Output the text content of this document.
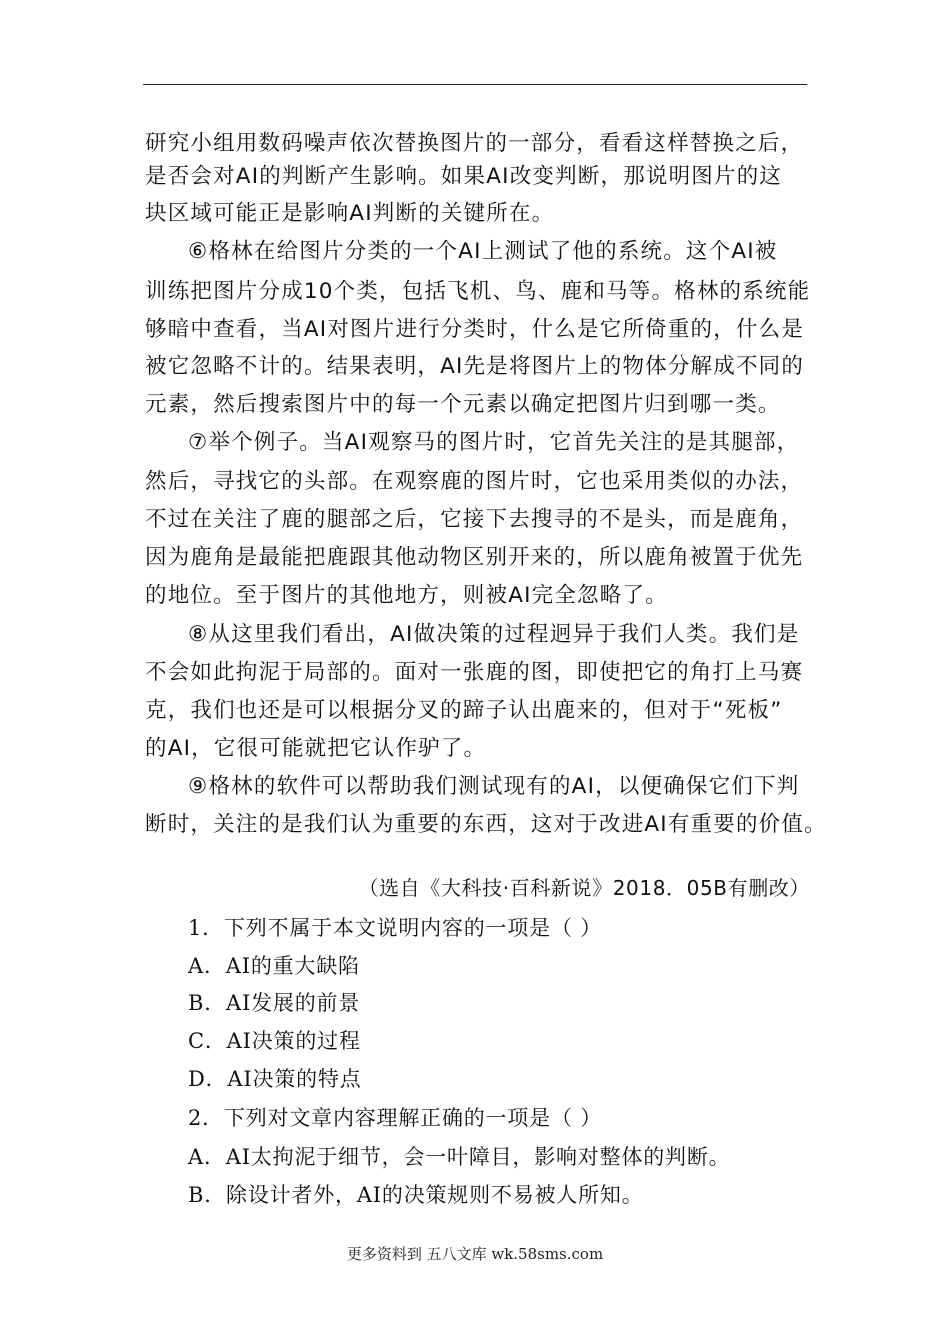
研究小组用数码噪声依次替换图片的一部分，看看这样替换之后，
是否会对AI的判断产生影响。如果AI改变判断，那说明图片的这
块区域可能正是影响AI判断的关键所在。
⑥格林在给图片分类的一个AI上测试了他的系统。这个AI被
训练把图片分成10个类，包括飞机、鸟、鹿和马等。格林的系统能
够暗中查看，当AI对图片进行分类时，什么是它所倚重的，什么是
被它忽略不计的。结果表明，AI先是将图片上的物体分解成不同的
元素，然后搜索图片中的每一个元素以确定把图片归到哪一类。
⑦举个例子。当AI观察马的图片时，它首先关注的是其腿部，
然后，寻找它的头部。在观察鹿的图片时，它也采用类似的办法，
不过在关注了鹿的腿部之后，它接下去搜寻的不是头，而是鹿角，
因为鹿角是最能把鹿跟其他动物区别开来的，所以鹿角被置于优先
的地位。至于图片的其他地方，则被AI完全忽略了。
⑧从这里我们看出，AI做决策的过程迥异于我们人类。我们是
不会如此拘泥于局部的。面对一张鹿的图，即使把它的角打上马赛
克，我们也还是可以根据分叉的蹄子认出鹿来的，但对于“死板”
的AI，它很可能就把它认作驴了。
⑨格林的软件可以帮助我们测试现有的AI，以便确保它们下判
断时，关注的是我们认为重要的东西，这对于改进AI有重要的价值。
（选自《大科技·百科新说》2018．05B有删改）
1．下列不属于本文说明内容的一项是（ ）
A．AI的重大缺陷
B．AI发展的前景
C．AI决策的过程
D．AI决策的特点
2．下列对文章内容理解正确的一项是（ ）
A．AI太拘泥于细节，会一叶障目，影响对整体的判断。
B．除设计者外，AI的决策规则不易被人所知。
更多资料到 五八文库 wk.58sms.com
